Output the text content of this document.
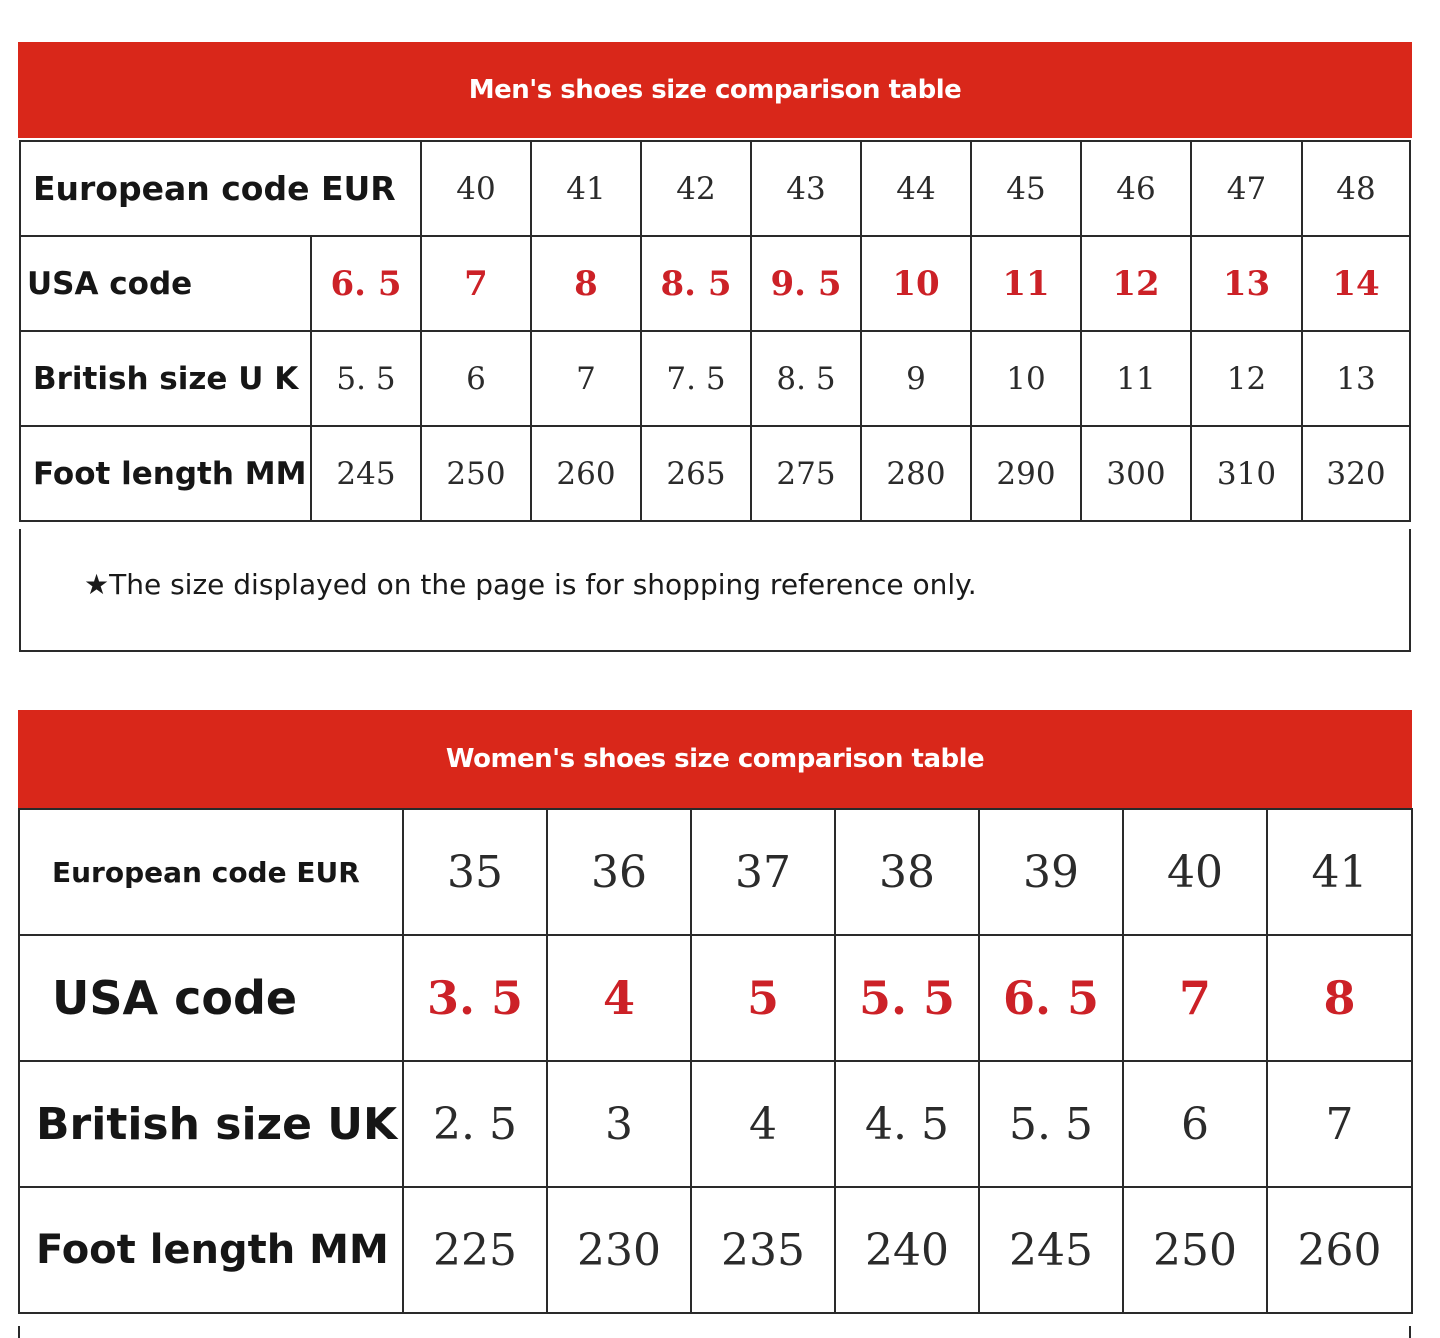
Men's shoes size comparison table
European code EUR		40	41	42	43	44	45	46	47	48
USA code	6. 5	7	8	8. 5	9. 5	10	11	12	13	14
British size U K	5. 5	6	7	7. 5	8. 5	9	10	11	12	13
Foot length MM	245	250	260	265	275	280	290	300	310	320
★The size displayed on the page is for shopping reference only.
Women's shoes size comparison table
European code EUR	35	36	37	38	39	40	41
USA code	3. 5	4	5	5. 5	6. 5	7	8
British size UK	2. 5	3	4	4. 5	5. 5	6	7
Foot length MM	225	230	235	240	245	250	260
